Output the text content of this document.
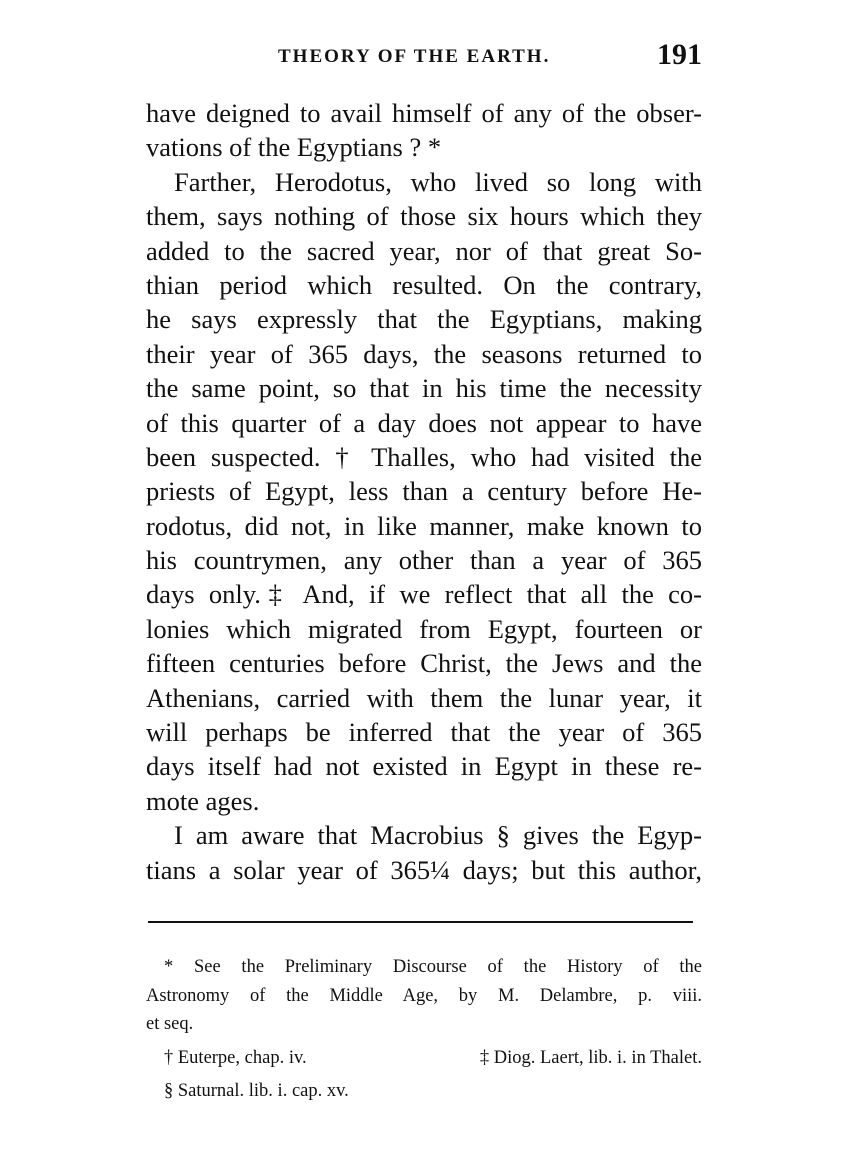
THEORY OF THE EARTH.	191
have deigned to avail himself of any of the obser-
vations of the Egyptians ? *
Farther, Herodotus, who lived so long with
them, says nothing of those six hours which they
added to the sacred year, nor of that great So-
thian period which resulted. On the contrary,
he says expressly that the Egyptians, making
their year of 365 days, the seasons returned to
the same point, so that in his time the necessity
of this quarter of a day does not appear to have
been suspected. † Thalles, who had visited the
priests of Egypt, less than a century before He-
rodotus, did not, in like manner, make known to
his countrymen, any other than a year of 365
days only.‡ And, if we reflect that all the co-
lonies which migrated from Egypt, fourteen or
fifteen centuries before Christ, the Jews and the
Athenians, carried with them the lunar year, it
will perhaps be inferred that the year of 365
days itself had not existed in Egypt in these re-
mote ages.
I am aware that Macrobius § gives the Egyp-
tians a solar year of 365¼ days; but this author,
* See the Preliminary Discourse of the History of the
Astronomy of the Middle Age, by M. Delambre, p. viii.
et seq.
† Euterpe, chap. iv.	‡ Diog. Laert, lib. i. in Thalet.
§ Saturnal. lib. i. cap. xv.
